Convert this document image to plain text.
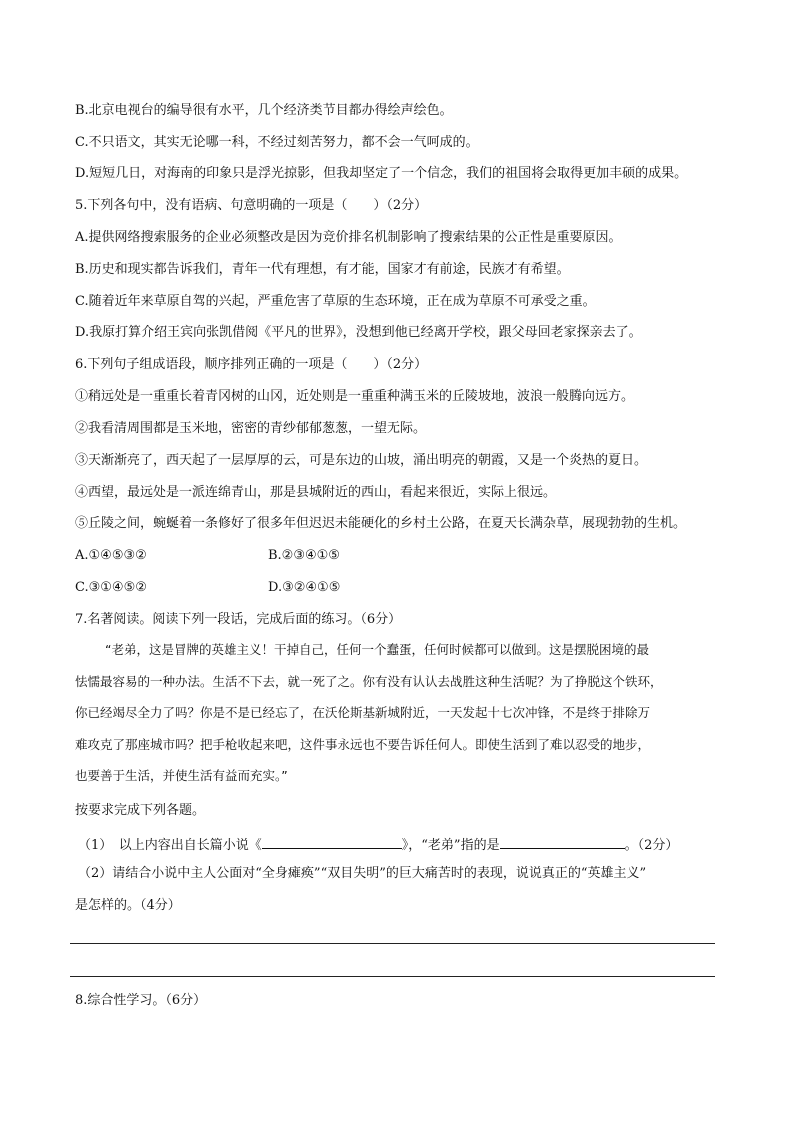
B.北京电视台的编导很有水平，几个经济类节目都办得绘声绘色。
C.不只语文，其实无论哪一科，不经过刻苦努力，都不会一气呵成的。
D.短短几日，对海南的印象只是浮光掠影，但我却坚定了一个信念，我们的祖国将会取得更加丰硕的成果。
5.下列各句中，没有语病、句意明确的一项是（　　）（2分）
A.提供网络搜索服务的企业必须整改是因为竞价排名机制影响了搜索结果的公正性是重要原因。
B.历史和现实都告诉我们，青年一代有理想，有才能，国家才有前途，民族才有希望。
C.随着近年来草原自驾的兴起，严重危害了草原的生态环境，正在成为草原不可承受之重。
D.我原打算介绍王宾向张凯借阅《平凡的世界》，没想到他已经离开学校，跟父母回老家探亲去了。
6.下列句子组成语段，顺序排列正确的一项是（　　）（2分）
①稍远处是一重重长着青冈树的山冈，近处则是一重重种满玉米的丘陵坡地，波浪一般腾向远方。
②我看清周围都是玉米地，密密的青纱郁郁葱葱，一望无际。
③天渐渐亮了，西天起了一层厚厚的云，可是东边的山坡，涌出明亮的朝霞，又是一个炎热的夏日。
④西望，最远处是一派连绵青山，那是县城附近的西山，看起来很近，实际上很远。
⑤丘陵之间，蜿蜒着一条修好了很多年但迟迟未能硬化的乡村土公路，在夏天长满杂草，展现勃勃的生机。
A.①④⑤③②	B.②③④①⑤
C.③①④⑤②	D.③②④①⑤
7.名著阅读。阅读下列一段话，完成后面的练习。（6分）
“老弟，这是冒牌的英雄主义！干掉自己，任何一个蠢蛋，任何时候都可以做到。这是摆脱困境的最
怯懦最容易的一种办法。生活不下去，就一死了之。你有没有认认去战胜这种生活呢？为了挣脱这个铁环，
你已经竭尽全力了吗？你是不是已经忘了，在沃伦斯基新城附近，一天发起十七次冲锋，不是终于排除万
难攻克了那座城市吗？把手枪收起来吧，这件事永远也不要告诉任何人。即使生活到了难以忍受的地步，
也要善于生活，并使生活有益而充实。”
按要求完成下列各题。
（1）　以上内容出自长篇小说《	》，“老弟”指的是	。（2分）
（2）请结合小说中主人公面对“全身瘫痪”“双目失明”的巨大痛苦时的表现，说说真正的“英雄主义”
是怎样的。（4分）
8.综合性学习。（6分）
